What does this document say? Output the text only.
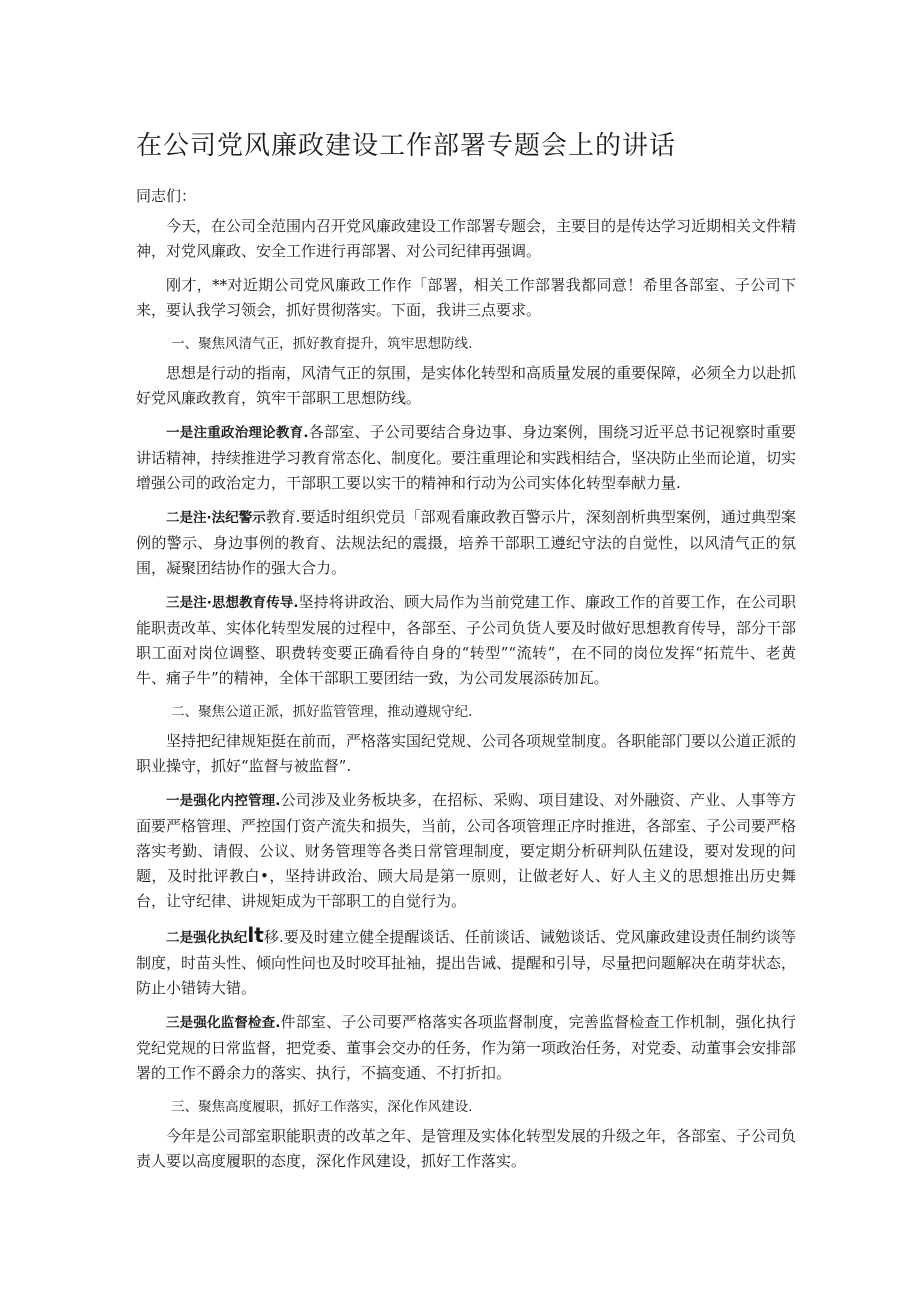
在公司党风廉政建设工作部署专题会上的讲话

同志们：

今天，在公司全范围内召开党风廉政建设工作部署专题会，主要目的是传达学习近期相关文件精神，对党风廉政、安全工作进行再部署、对公司纪律再强调。

刚才，**对近期公司党风廉政工作作「部署，相关工作部署我都同意！希里各部室、子公司下来，要认我学习领会，抓好贯彻落实。下面，我讲三点要求。

一、聚焦风清气正，抓好教育提升，筑牢思想防线.

思想是行动的指南，风清气正的氛围，是实体化转型和高质量发展的重要保障，必须全力以赴抓好党风廉政教育，筑牢干部职工思想防线。

一是注重政治理论教育.各部室、子公司要结合身边事、身边案例，围绕习近平总书记视察时重要讲话精神，持续推进学习教育常态化、制度化。要注重理论和实践相结合，坚决防止坐而论道，切实增强公司的政治定力，干部职工要以实干的精神和行动为公司实体化转型奉献力量.

二是注·法纪警示教育.要适时组织党员「部观看廉政教百警示片，深刻剖析典型案例，通过典型案例的警示、身边事例的教育、法规法纪的震摄，培养干部职工遵纪守法的自觉性，以风清气正的氛围，凝聚团结协作的强大合力。

三是注·思想教育传导.坚持将讲政治、顾大局作为当前党建工作、廉政工作的首要工作，在公司职能职责改革、实体化转型发展的过程中，各部至、子公司负货人要及时做好思想教育传导，部分干部职工面对岗位调整、职费转变要正确看待自身的“转型”“流转”，在不同的岗位发挥“拓荒牛、老黄牛、痛子牛”的精神，全体干部职工要团结一致，为公司发展添砖加瓦。

二、聚焦公道正派，抓好监管管理，推动遵规守纪.

坚持把纪律规矩挺在前而，严格落实国纪党规、公司各项规堂制度。各职能部门要以公道正派的职业操守，抓好“监督与被监督”.

一是强化内控管理.公司涉及业务板块多，在招标、采购、项目建设、对外融资、产业、人事等方面要严格管理、严控国仃资产流失和损失，当前，公司各项管理正序时推进，各部室、子公司要严格落实考勤、请假、公议、财务管理等各类日常管理制度，要定期分析研判队伍建设，要对发现的问题，及时批评教白•，坚持讲政治、顾大局是第一原则，让做老好人、好人主义的思想推出历史舞台，让守纪律、讲规矩成为干部职工的自觉行为。

二是强化执纪lt移.要及时建立健全提醒谈话、任前谈话、诫勉谈话、党风廉政建设责任制约谈等制度，时苗头性、倾向性问也及时咬耳扯袖，提出告诫、提醒和引导，尽量把问题解决在萌芽状态，防止小错铸大错。

三是强化监督检查.件部室、子公司要严格落实各项监督制度，完善监督检查工作机制，强化执行党纪党规的日常监督，把党委、董事会交办的任务，作为第一项政治任务，对党委、动董事会安排部署的工作不爵余力的落实、执行，不搞变通、不打折扣。

三、聚焦高度履职，抓好工作落实，深化作风建设.

今年是公司部室职能职责的改革之年、是管理及实体化转型发展的升级之年，各部室、子公司负责人要以高度履职的态度，深化作风建设，抓好工作落实。
